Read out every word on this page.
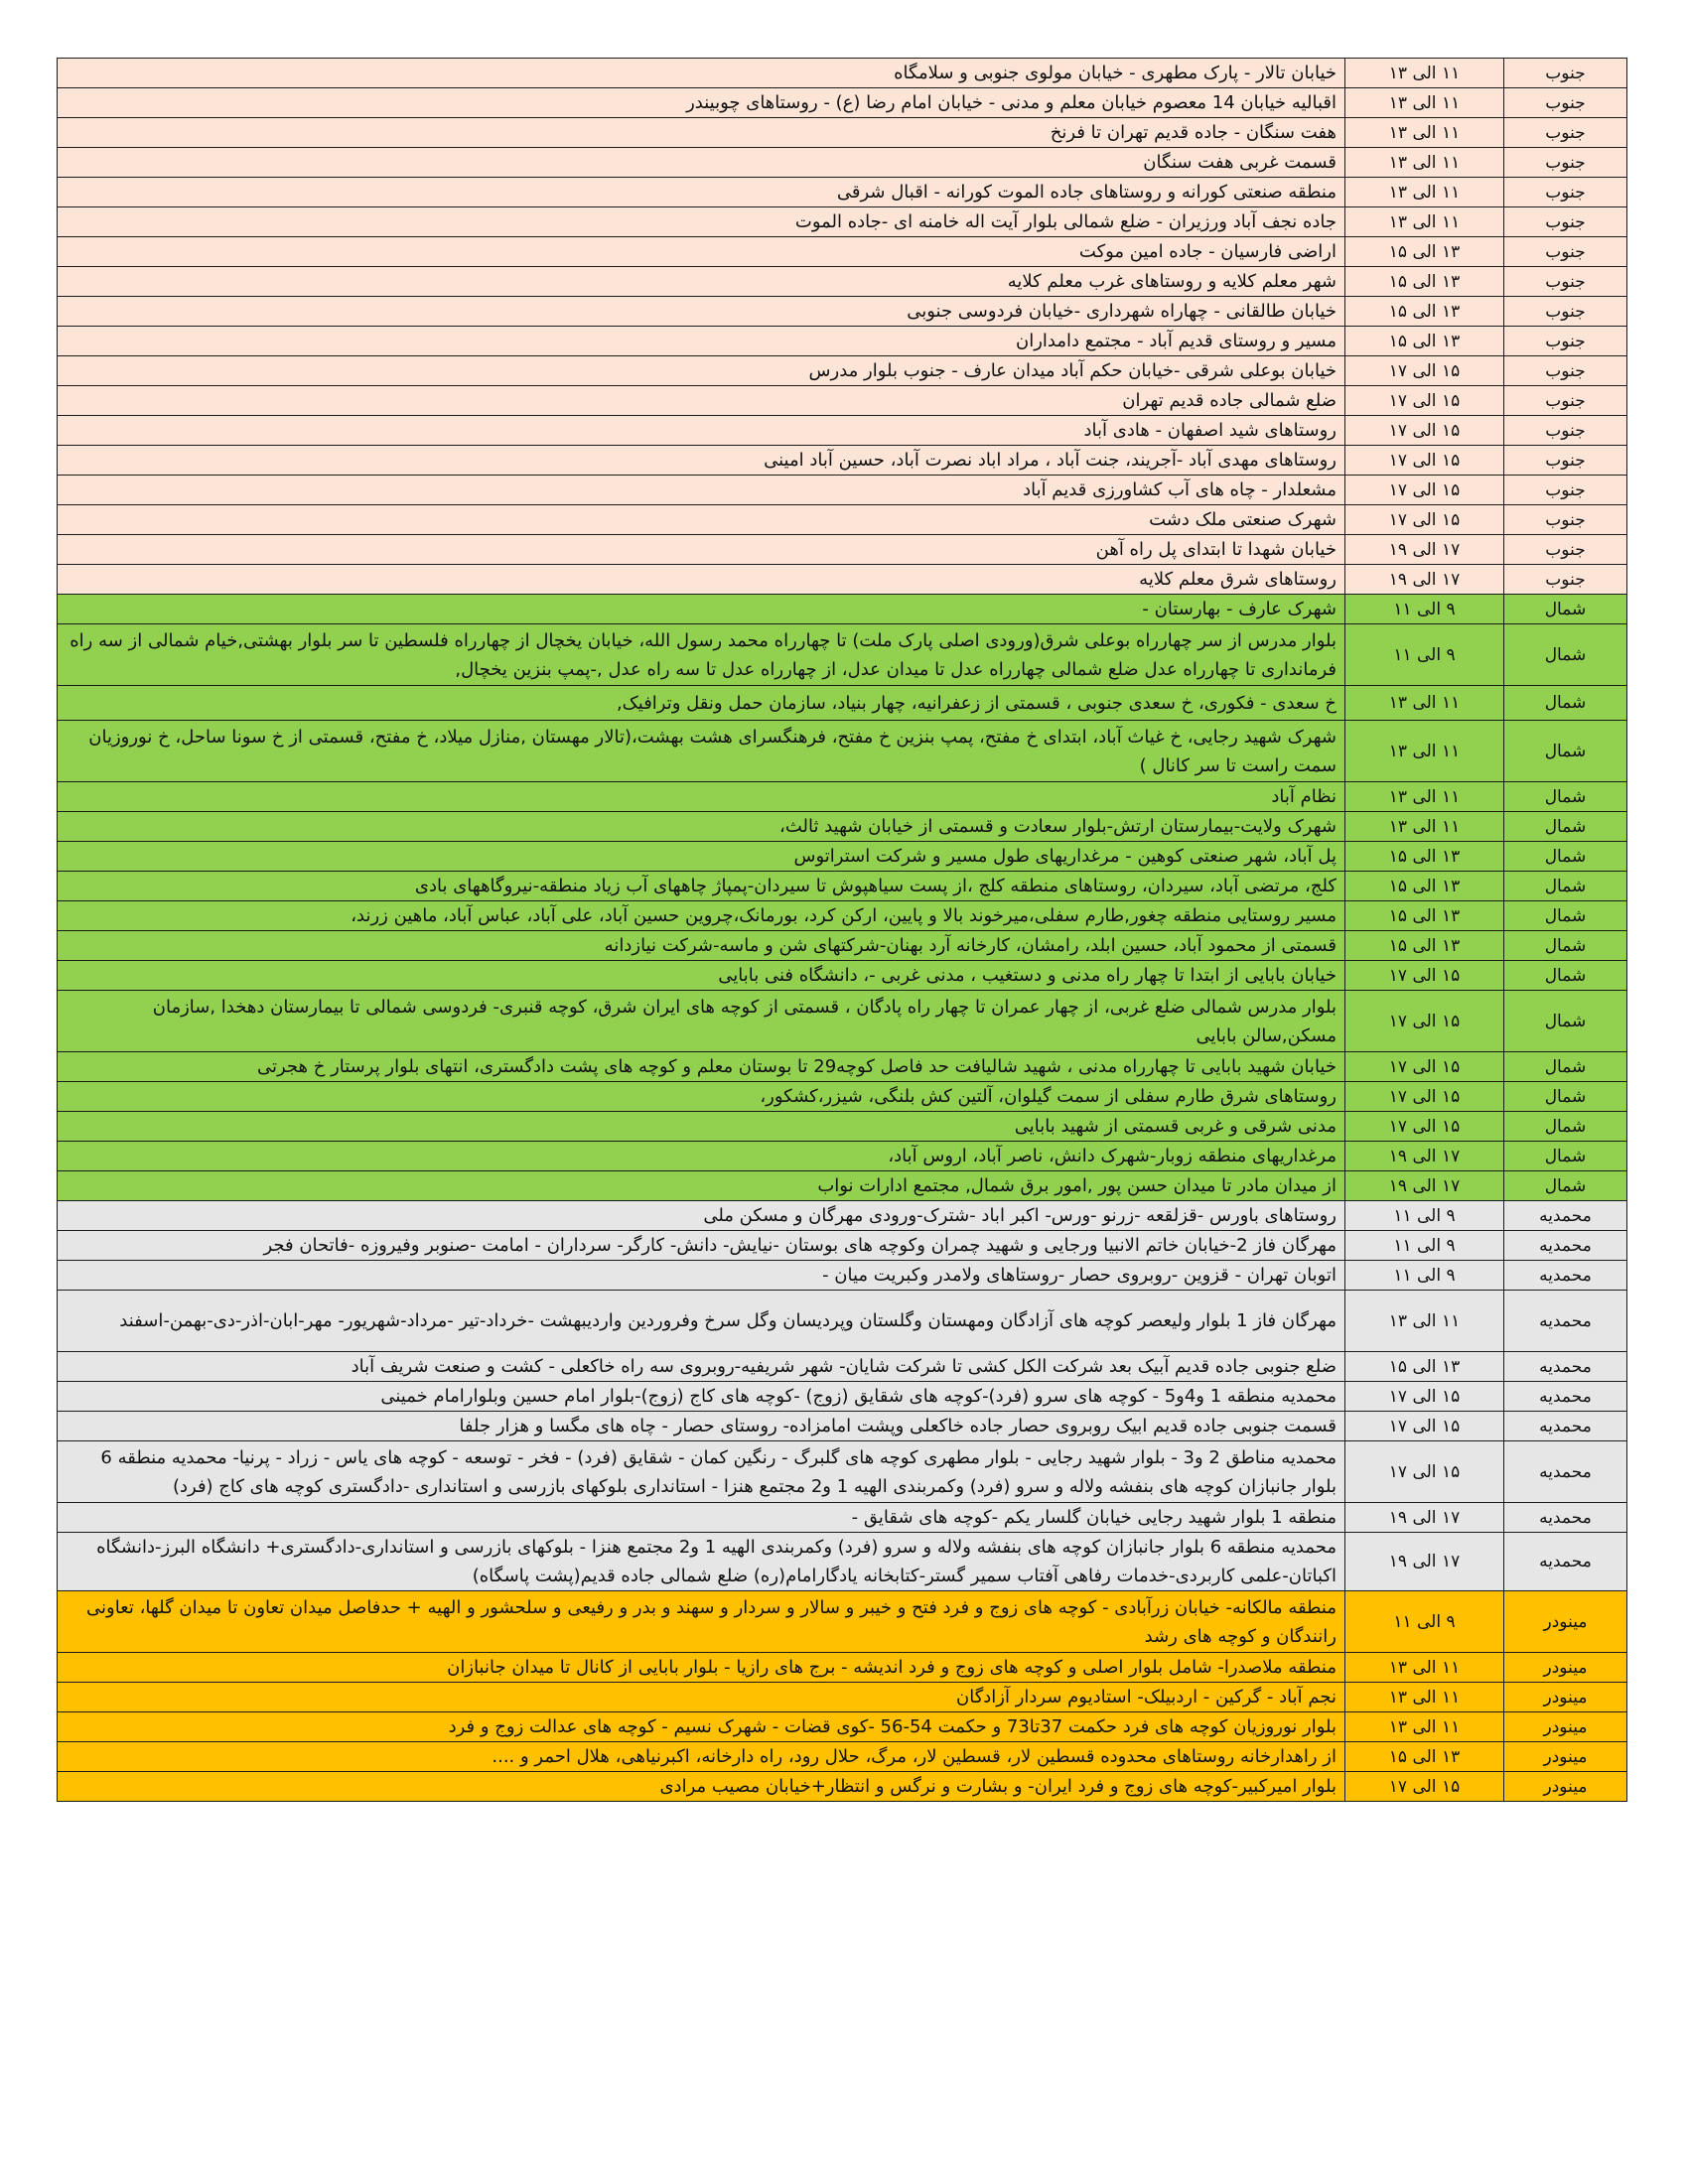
خیابان تالار - پارک مطهری - خیابان مولوی جنوبی و سلامگاه	۱۱ الی ۱۳	جنوب
اقبالیه خیابان 14 معصوم خیابان معلم و مدنی - خیابان امام رضا (ع) - روستاهای چوبیندر	۱۱ الی ۱۳	جنوب
هفت سنگان - جاده قدیم تهران تا فرنخ	۱۱ الی ۱۳	جنوب
قسمت غربی هفت سنگان	۱۱ الی ۱۳	جنوب
منطقه صنعتی کورانه و روستاهای جاده الموت کورانه - اقبال شرقی	۱۱ الی ۱۳	جنوب
جاده نجف آباد ورزیران - ضلع شمالی بلوار آیت اله خامنه ای -جاده الموت	۱۱ الی ۱۳	جنوب
اراضی فارسیان - جاده امین موکت	۱۳ الی ۱۵	جنوب
شهر معلم کلایه و روستاهای غرب معلم کلایه	۱۳ الی ۱۵	جنوب
خیابان طالقانی - چهاراه شهرداری -خیابان فردوسی جنوبی	۱۳ الی ۱۵	جنوب
مسیر و روستای قدیم آباد - مجتمع دامداران	۱۳ الی ۱۵	جنوب
خیابان بوعلی شرقی -خیابان حکم آباد میدان عارف - جنوب بلوار مدرس	۱۵ الی ۱۷	جنوب
ضلع شمالی جاده قدیم تهران	۱۵ الی ۱۷	جنوب
روستاهای شید اصفهان - هادی آباد	۱۵ الی ۱۷	جنوب
روستاهای مهدی آباد -آجریند، جنت آباد ، مراد اباد نصرت آباد، حسین آباد امینی	۱۵ الی ۱۷	جنوب
مشعلدار - چاه های آب کشاورزی قدیم آباد	۱۵ الی ۱۷	جنوب
شهرک صنعتی ملک دشت	۱۵ الی ۱۷	جنوب
خیابان شهدا تا ابتدای پل راه آهن	۱۷ الی ۱۹	جنوب
روستاهای شرق معلم کلایه	۱۷ الی ۱۹	جنوب
شهرک عارف - بهارستان -	۹ الی ۱۱	شمال
بلوار مدرس از سر چهارراه بوعلی شرق(ورودی اصلی پارک ملت) تا چهارراه محمد رسول الله، خیابان یخچال از چهارراه فلسطین تا سر بلوار بهشتی,خیام شمالی از سه راه فرمانداری تا چهارراه عدل ضلع شمالی چهارراه عدل تا میدان عدل، از چهارراه عدل تا سه راه عدل ,-پمپ بنزین یخچال,	۹ الی ۱۱	شمال
خ سعدی - فکوری، خ سعدی جنوبی ، قسمتی از زعفرانیه، چهار بنیاد، سازمان حمل ونقل وترافیک,	۱۱ الی ۱۳	شمال
شهرک شهید رجایی، خ غیاث آباد، ابتدای خ مفتح، پمپ بنزین خ مفتح، فرهنگسرای هشت بهشت،(تالار مهستان ,منازل میلاد، خ مفتح، قسمتی از خ سونا ساحل، خ نوروزیان سمت راست تا سر کانال )	۱۱ الی ۱۳	شمال
نظام آباد	۱۱ الی ۱۳	شمال
شهرک ولایت-بیمارستان ارتش-بلوار سعادت و قسمتی از خیابان شهید ثالث،	۱۱ الی ۱۳	شمال
پل آباد، شهر صنعتی کوهین - مرغداریهای طول مسیر و شرکت استراتوس	۱۳ الی ۱۵	شمال
کلج، مرتضی آباد، سیردان، روستاهای منطقه کلج ،از پست سیاهپوش تا سیردان-پمپاژ چاههای آب زیاد منطقه-نیروگاههای بادی	۱۳ الی ۱۵	شمال
مسیر روستایی منطقه چغور,طارم سفلی،میرخوند بالا و پایین، ارکن کرد، بورمانک،چروین حسین آباد، علی آباد، عباس آباد، ماهین زرند،	۱۳ الی ۱۵	شمال
قسمتی از محمود آباد، حسین ابلد، رامشان، کارخانه آرد بهنان-شرکتهای شن و ماسه-شرکت نیازدانه	۱۳ الی ۱۵	شمال
خیابان بابایی از ابتدا تا چهار راه مدنی و دستغیب ، مدنی غربی -، دانشگاه فنی بابایی	۱۵ الی ۱۷	شمال
بلوار مدرس شمالی ضلع غربی، از چهار عمران تا چهار راه پادگان ، قسمتی از کوچه های ایران شرق، کوچه قنبری- فردوسی شمالی تا بیمارستان دهخدا ,سازمان مسکن,سالن بابایی	۱۵ الی ۱۷	شمال
خیابان شهید بابایی تا چهارراه مدنی ، شهید شالیافت حد فاصل کوچه29 تا بوستان معلم و کوچه های پشت دادگستری، انتهای بلوار پرستار خ هجرتی	۱۵ الی ۱۷	شمال
روستاهای شرق طارم سفلی از سمت گیلوان، آلتین کش بلنگی، شیزر،کشکور،	۱۵ الی ۱۷	شمال
مدنی شرقی و غربی قسمتی از شهید بابایی	۱۵ الی ۱۷	شمال
مرغداریهای منطقه زوبار-شهرک دانش، ناصر آباد، اروس آباد،	۱۷ الی ۱۹	شمال
از میدان مادر تا میدان حسن پور ,امور برق شمال, مجتمع ادارات نواب	۱۷ الی ۱۹	شمال
روستاهای باورس -قزلقعه -زرنو -ورس- اکبر اباد -شترک-ورودی مهرگان و مسکن ملی	۹ الی ۱۱	محمدیه
مهرگان فاز 2-خیابان خاتم الانبیا ورجایی و شهید چمران وکوچه های بوستان -نیایش- دانش- کارگر- سرداران - امامت -صنوبر وفیروزه -فاتحان فجر	۹ الی ۱۱	محمدیه
اتوبان تهران - قزوین -روبروی حصار -روستاهای ولامدر وکبریت میان -	۹ الی ۱۱	محمدیه
مهرگان فاز 1 بلوار ولیعصر کوچه های آزادگان ومهستان وگلستان وپردیسان وگل سرخ وفروردین واردیبهشت -خرداد-تیر -مرداد-شهریور- مهر-ابان-اذر-دی-بهمن-اسفند	۱۱ الی ۱۳	محمدیه
ضلع جنوبی جاده قدیم آبیک بعد شرکت الکل کشی تا شرکت شایان- شهر شریفیه-روبروی سه راه خاکعلی - کشت و صنعت شریف آباد	۱۳ الی ۱۵	محمدیه
محمدیه منطقه 1 و4و5 - کوچه های سرو (فرد)-کوچه های شقایق (زوج) -کوچه های کاج (زوج)-بلوار امام حسین وبلوارامام خمینی	۱۵ الی ۱۷	محمدیه
قسمت جنوبی جاده قدیم ابیک روبروی حصار جاده خاکعلی وپشت امامزاده- روستای حصار - چاه های مگسا و هزار جلفا	۱۵ الی ۱۷	محمدیه
محمدیه مناطق 2 و3 - بلوار شهید رجایی - بلوار مطهری کوچه های گلبرگ - رنگین کمان - شقایق (فرد) - فخر - توسعه - کوچه های یاس - زراد - پرنیا- محمدیه منطقه 6 بلوار جانبازان کوچه های بنفشه ولاله و سرو (فرد) وکمربندی الهیه 1 و2 مجتمع هنزا - استانداری بلوکهای بازرسی و استانداری -دادگستری کوچه های کاج (فرد)	۱۵ الی ۱۷	محمدیه
منطقه 1 بلوار شهید رجایی خیابان گلسار یکم -کوچه های شقایق -	۱۷ الی ۱۹	محمدیه
محمدیه منطقه 6 بلوار جانبازان کوچه های بنفشه ولاله و سرو (فرد) وکمربندی الهیه 1 و2 مجتمع هنزا - بلوکهای بازرسی و استانداری-دادگستری+ دانشگاه البرز-دانشگاه اکباتان-علمی کاربردی-خدمات رفاهی آفتاب سمیر گستر-کتابخانه یادگارامام(ره) ضلع شمالی جاده قدیم(پشت پاسگاه)	۱۷ الی ۱۹	محمدیه
منطقه مالکانه- خیابان زرآبادی - کوچه های زوج و فرد فتح و خیبر و سالار و سردار و سهند و بدر و رفیعی و سلحشور و الهیه + حدفاصل میدان تعاون تا میدان گلها، تعاونی رانندگان و کوچه های رشد	۹ الی ۱۱	مینودر
منطقه ملاصدرا- شامل بلوار اصلی و کوچه های زوج و فرد اندیشه - برج های رازیا - بلوار بابایی از کانال تا میدان جانبازان	۱۱ الی ۱۳	مینودر
نجم آباد - گرکین - اردبیلک- استادیوم سردار آزادگان	۱۱ الی ۱۳	مینودر
بلوار نوروزیان کوچه های فرد حکمت 37تا73 و حکمت 54-56 -کوی قضات - شهرک نسیم - کوچه های عدالت زوج و فرد	۱۱ الی ۱۳	مینودر
از راهدارخانه روستاهای محدوده قسطین لار، قسطین لار، مرگ، حلال رود، راه دارخانه، اکبرنیاهی، هلال احمر و ....	۱۳ الی ۱۵	مینودر
بلوار امیرکبیر-کوچه های زوج و فرد ایران- و بشارت و نرگس و انتظار+خیابان مصیب مرادی	۱۵ الی ۱۷	مینودر
